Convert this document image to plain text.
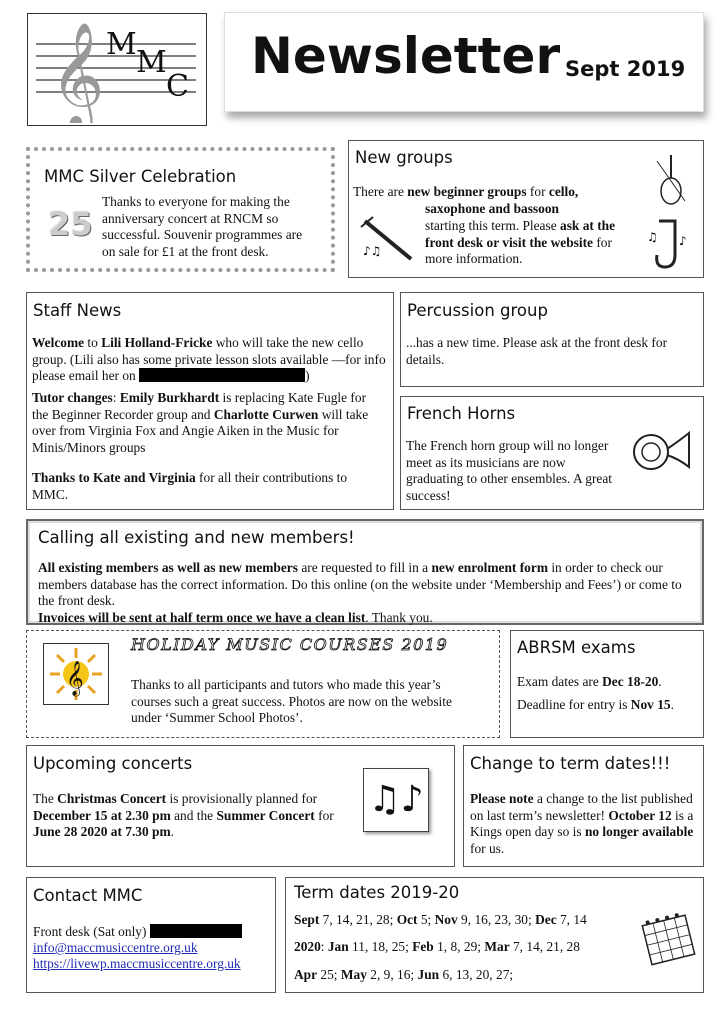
𝄞 M
M
C
Newsletter Sept 2019

MMC Silver Celebration

25

Thanks to everyone for making the anniversary concert at RNCM so successful. Souvenir programmes are on sale for £1 at the front desk.

New groups

There are new beginner groups for cello,

saxophone and bassoon

starting this term. Please ask at the front desk or visit the website for more information.

♪♫
♪
♫

Staff News

Welcome to Lili Holland-Fricke who will take the new cello group. (Lili also has some private lesson slots available —for info please email her on	)

Tutor changes: Emily Burkhardt is replacing Kate Fugle for the Beginner Recorder group and Charlotte Curwen will take over from Virginia Fox and Angie Aiken in the Music for Minis/Minors groups

Thanks to Kate and Virginia for all their contributions to MMC.

Percussion group

...has a new time. Please ask at the front desk for details.

French Horns

The French horn group will no longer meet as its musicians are now graduating to other ensembles. A great success!

Calling all existing and new members!

All existing members as well as new members are requested to fill in a new enrolment form in order to check our members database has the correct information. Do this online (on the website under ‘Membership and Fees’) or come to the front desk.
Invoices will be sent at half term once we have a clean list. Thank you.

𝄞

HOLIDAY MUSIC COURSES 2019

Thanks to all participants and tutors who made this year’s courses such a great success. Photos are now on the website under ‘Summer School Photos’.

ABRSM exams

Exam dates are Dec 18-20.

Deadline for entry is Nov 15.

Upcoming concerts

The Christmas Concert is provisionally planned for December 15 at 2.30 pm and the Summer Concert for June 28 2020 at 7.30 pm.

♫♪

Change to term dates!!!

Please note a change to the list published on last term’s newsletter! October 12 is a Kings open day so is no longer available for us.

Contact MMC

Front desk (Sat only)

info@maccmusiccentre.org.uk

https://livewp.maccmusiccentre.org.uk

Term dates 2019-20

Sept 7, 14, 21, 28; Oct 5; Nov 9, 16, 23, 30; Dec 7, 14

2020: Jan 11, 18, 25; Feb 1, 8, 29; Mar 7, 14, 21, 28

Apr 25; May 2, 9, 16; Jun 6, 13, 20, 27;
